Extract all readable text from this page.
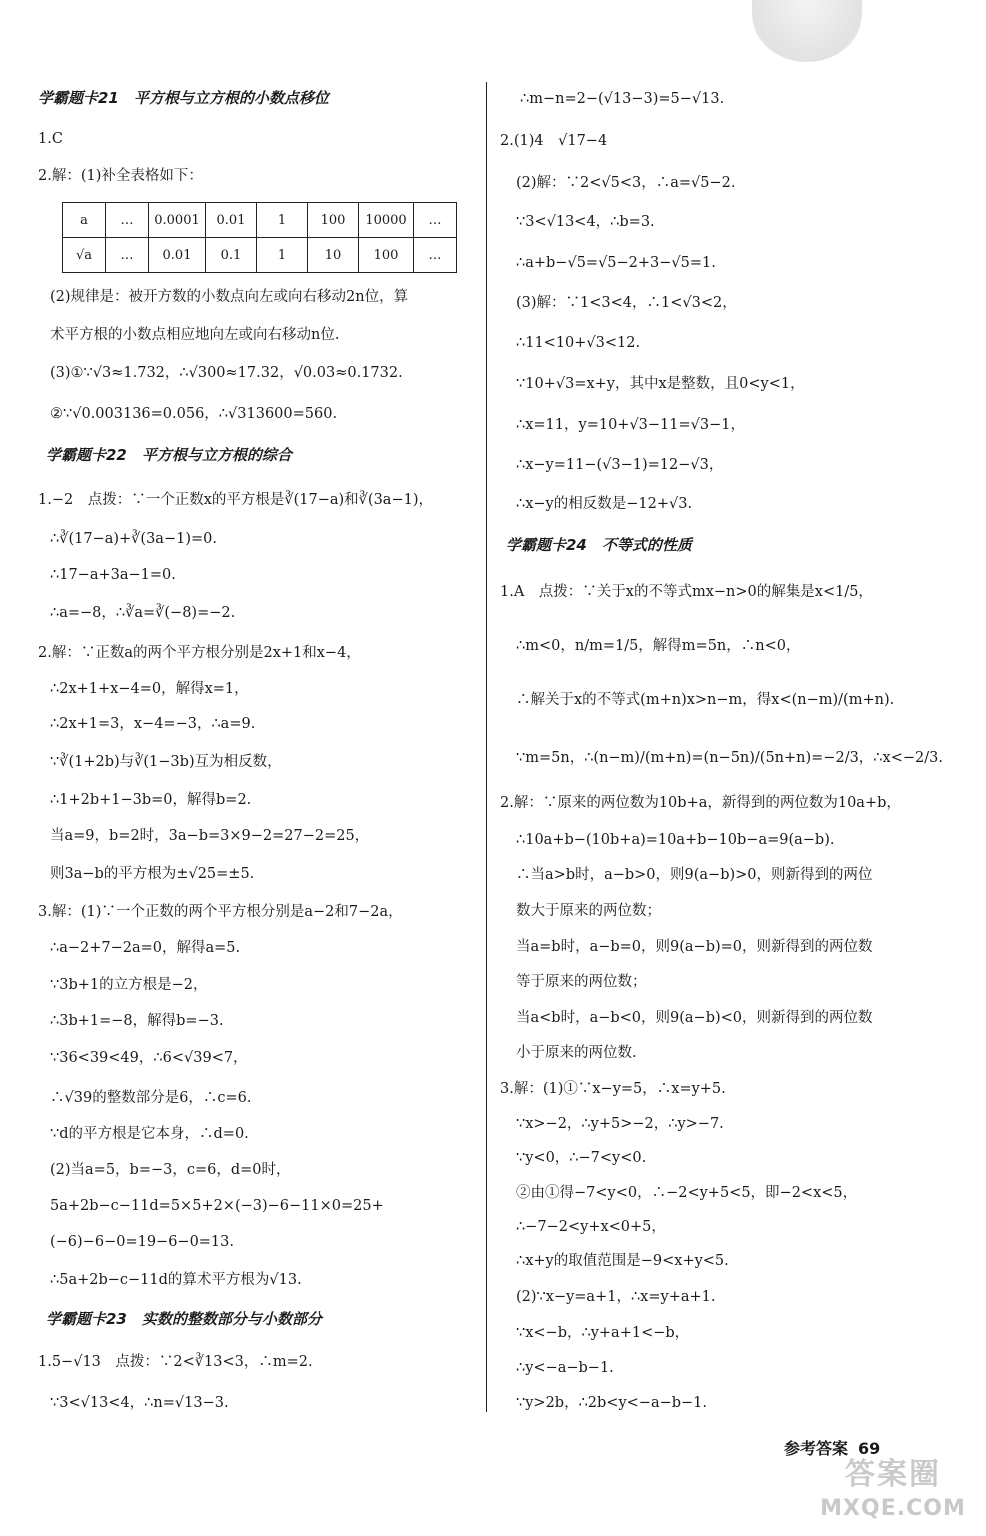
学霸题卡21　平方根与立方根的小数点移位
1.C
2.解：(1)补全表格如下：
a	…	0.0001	0.01	1	100	10000	…
√a	…	0.01	0.1	1	10	100	…
(2)规律是：被开方数的小数点向左或向右移动2n位，算
术平方根的小数点相应地向左或向右移动n位.
(3)①∵√3≈1.732，∴√300≈17.32，√0.03≈0.1732.
②∵√0.003136=0.056，∴√313600=560.
学霸题卡22　平方根与立方根的综合
1.−2　点拨：∵一个正数x的平方根是∛(17−a)和∛(3a−1)，
∴∛(17−a)+∛(3a−1)=0.
∴17−a+3a−1=0.
∴a=−8，∴∛a=∛(−8)=−2.
2.解：∵正数a的两个平方根分别是2x+1和x−4，
∴2x+1+x−4=0，解得x=1，
∴2x+1=3，x−4=−3，∴a=9.
∵∛(1+2b)与∛(1−3b)互为相反数，
∴1+2b+1−3b=0，解得b=2.
当a=9，b=2时，3a−b=3×9−2=27−2=25，
则3a−b的平方根为±√25=±5.
3.解：(1)∵一个正数的两个平方根分别是a−2和7−2a，
∴a−2+7−2a=0，解得a=5.
∵3b+1的立方根是−2，
∴3b+1=−8，解得b=−3.
∵36<39<49，∴6<√39<7，
∴√39的整数部分是6，∴c=6.
∵d的平方根是它本身，∴d=0.
(2)当a=5，b=−3，c=6，d=0时，
5a+2b−c−11d=5×5+2×(−3)−6−11×0=25+
(−6)−6−0=19−6−0=13.
∴5a+2b−c−11d的算术平方根为√13.
学霸题卡23　实数的整数部分与小数部分
1.5−√13　点拨：∵2<∛13<3，∴m=2.
∵3<√13<4，∴n=√13−3.
∴m−n=2−(√13−3)=5−√13.
2.(1)4　√17−4
(2)解：∵2<√5<3，∴a=√5−2.
∵3<√13<4，∴b=3.
∴a+b−√5=√5−2+3−√5=1.
(3)解：∵1<3<4，∴1<√3<2，
∴11<10+√3<12.
∵10+√3=x+y，其中x是整数，且0<y<1，
∴x=11，y=10+√3−11=√3−1，
∴x−y=11−(√3−1)=12−√3，
∴x−y的相反数是−12+√3.
学霸题卡24　不等式的性质
1.A　点拨：∵关于x的不等式mx−n>0的解集是x<1/5，
∴m<0，n/m=1/5，解得m=5n，∴n<0，
∴解关于x的不等式(m+n)x>n−m，得x<(n−m)/(m+n).
∵m=5n，∴(n−m)/(m+n)=(n−5n)/(5n+n)=−2/3，∴x<−2/3.
2.解：∵原来的两位数为10b+a，新得到的两位数为10a+b，
∴10a+b−(10b+a)=10a+b−10b−a=9(a−b).
∴当a>b时，a−b>0，则9(a−b)>0，则新得到的两位
数大于原来的两位数；
当a=b时，a−b=0，则9(a−b)=0，则新得到的两位数
等于原来的两位数；
当a<b时，a−b<0，则9(a−b)<0，则新得到的两位数
小于原来的两位数.
3.解：(1)①∵x−y=5，∴x=y+5.
∵x>−2，∴y+5>−2，∴y>−7.
∵y<0，∴−7<y<0.
②由①得−7<y<0，∴−2<y+5<5，即−2<x<5，
∴−7−2<y+x<0+5，
∴x+y的取值范围是−9<x+y<5.
(2)∵x−y=a+1，∴x=y+a+1.
∵x<−b，∴y+a+1<−b，
∴y<−a−b−1.
∵y>2b，∴2b<y<−a−b−1.
参考答案 69
答案圈
MXQE.COM
